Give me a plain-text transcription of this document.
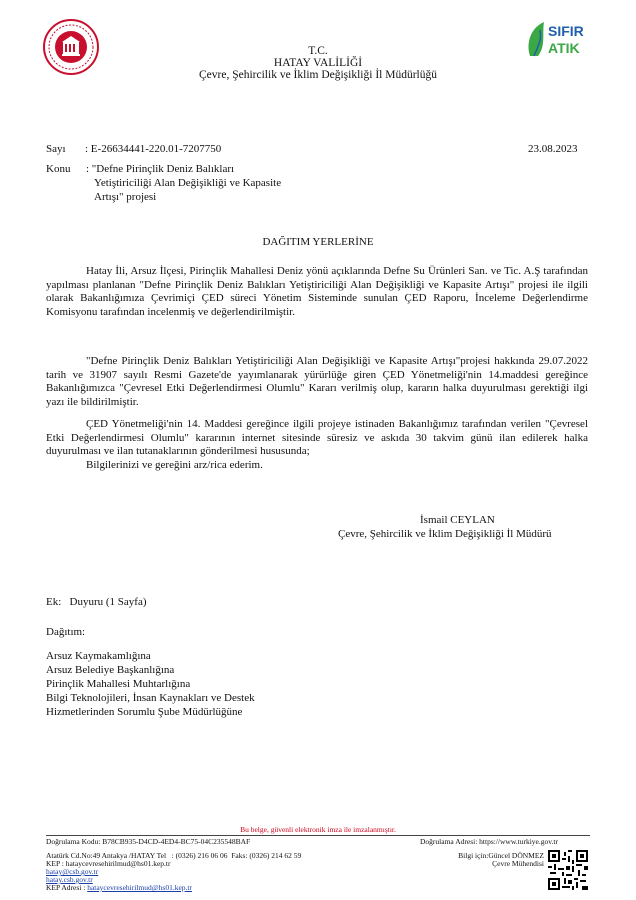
SIFIR
ATIK
T.C.
HATAY VALİLİĞİ
Çevre, Şehircilik ve İklim Değişikliği İl Müdürlüğü
Sayı : E-26634441-220.01-7207750	23.08.2023
Konu : "Defne Pirinçlik Deniz Balıkları
Yetiştiriciliği Alan Değişikliği ve Kapasite
Artışı" projesi
DAĞITIM YERLERİNE
Hatay İli, Arsuz İlçesi, Pirinçlik Mahallesi Deniz yönü açıklarında Defne Su Ürünleri San. ve Tic. A.Ş tarafından yapılması planlanan "Defne Pirinçlik Deniz Balıkları Yetiştiriciliği Alan Değişikliği ve Kapasite Artışı" projesi ile ilgili olarak Bakanlığımıza Çevrimiçi ÇED süreci Yönetim Sisteminde sunulan ÇED Raporu, İnceleme Değerlendirme Komisyonu tarafından incelenmiş ve değerlendirilmiştir.
"Defne Pirinçlik Deniz Balıkları Yetiştiriciliği Alan Değişikliği ve Kapasite Artışı"projesi hakkında 29.07.2022 tarih ve 31907 sayılı Resmi Gazete'de yayımlanarak yürürlüğe giren ÇED Yönetmeliği'nin 14.maddesi gereğince Bakanlığımızca "Çevresel Etki Değerlendirmesi Olumlu" Kararı verilmiş olup, kararın halka duyurulması gerektiği ilgi yazı ile bildirilmiştir.
ÇED Yönetmeliği'nin 14. Maddesi gereğince ilgili projeye istinaden Bakanlığımız tarafından verilen "Çevresel Etki Değerlendirmesi Olumlu" kararının internet sitesinde süresiz ve askıda 30 takvim günü ilan edilerek halka duyurulması ve ilan tutanaklarının gönderilmesi hususunda;
Bilgilerinizi ve gereğini arz/rica ederim.
İsmail CEYLAN
Çevre, Şehircilik ve İklim Değişikliği İl Müdürü
Ek:   Duyuru (1 Sayfa)
Dağıtım:
Arsuz Kaymakamlığına
Arsuz Belediye Başkanlığına
Pirinçlik Mahallesi Muhtarlığına
Bilgi Teknolojileri, İnsan Kaynakları ve Destek
Hizmetlerinden Sorumlu Şube Müdürlüğüne
Bu belge, güvenli elektronik imza ile imzalanmıştır.
Doğrulama Kodu: B78CB935-D4CD-4ED4-BC75-04C235548BAF	Doğrulama Adresi: https://www.turkiye.gov.tr
Atatürk Cd.No:49 Antakya /HATAY Tel   : (0326) 216 06 06  Faks: (0326) 214 62 59
KEP : hataycevresehirilmud@hs01.kep.tr
hatay@csb.gov.tr
hatay.csb.gov.tr
KEP Adresi : hataycevresehirilmud@hs01.kep.tr
Bilgi için:Güncel DÖNMEZ
Çevre Mühendisi
